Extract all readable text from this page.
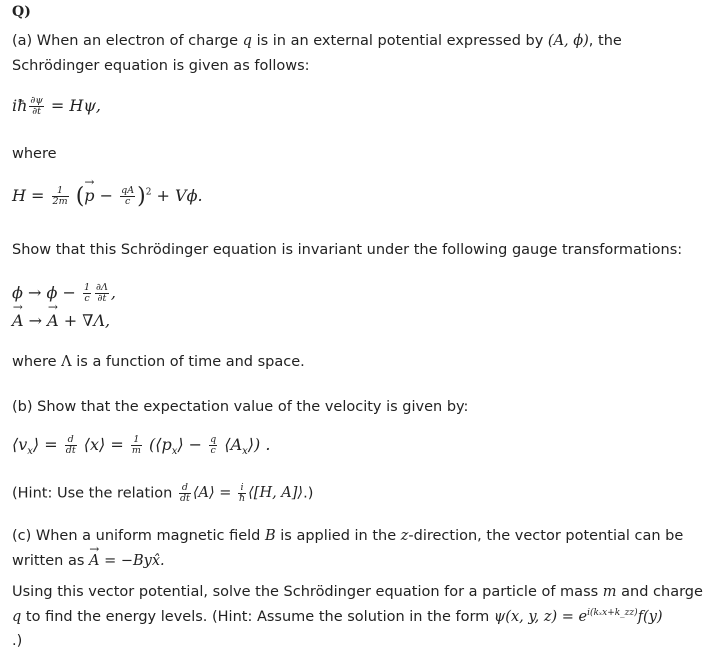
Q)
(a) When an electron of charge q is in an external potential expressed by (A, ϕ), the
Schrödinger equation is given as follows:
iħ $\frac{\partial\psi}{\partial t} = H\psi$,
where
$H = \frac{1}{2m}$ (→ $p - \frac{qA}{c} )^2 + V\phi$.
Show that this Schrödinger equation is invariant under the following gauge transformations:
$\phi \to \phi - \frac{1}{c} \frac{\partial\Lambda}{\partial t}$ ,
→ A → → A + ∇Λ,
where Λ is a function of time and space.
(b) Show that the expectation value of the velocity is given by:
$⟨v_x⟩ = \frac{d}{dt}$ ⟨x⟩ = $\frac{1}{m}$ ($⟨p_x⟩ - \frac{q}{c}$ $⟨A_x⟩$) .
(Hint: Use the relation $\frac{d}{dt}$ ⟨A⟩ = $\frac{i}{ħ}$ ⟨[H, A]⟩.)
(c) When a uniform magnetic field B is applied in the z-direction, the vector potential can be
written as → A = −Byx̂.
Using this vector potential, solve the Schrödinger equation for a particle of mass m and charge
q to find the energy levels. (Hint: Assume the solution in the form ψ(x, y, $z) = e^{i(k_xx+k\_zz)}f(y)$
.)
